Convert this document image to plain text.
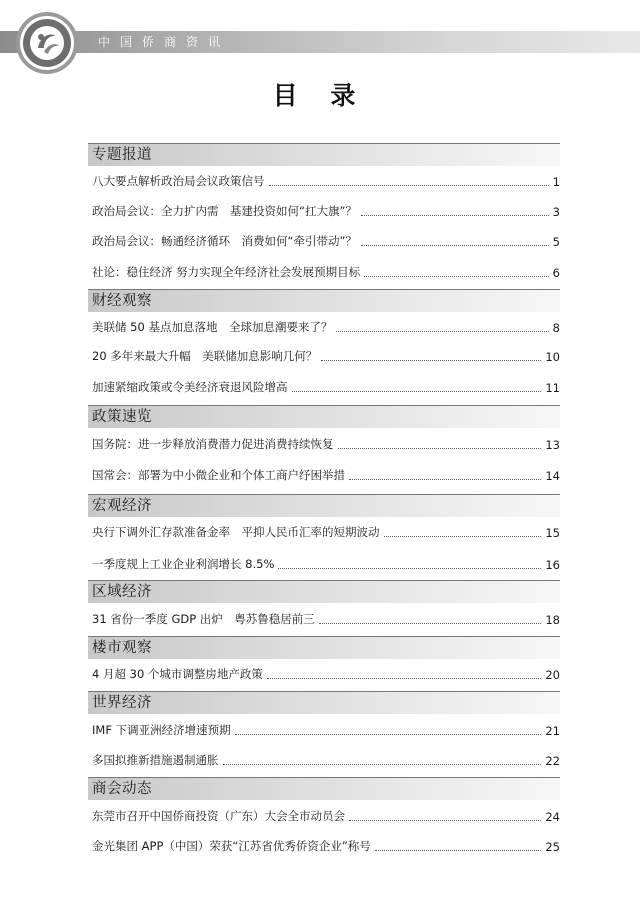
中国侨商资讯
目 录
专题报道
八大要点解析政治局会议政策信号	1
政治局会议：全力扩内需　基建投资如何“扛大旗”？	3
政治局会议：畅通经济循环　消费如何“牵引带动”？	5
社论：稳住经济 努力实现全年经济社会发展预期目标	6
财经观察
美联储 50 基点加息落地　全球加息潮要来了？	8
20 多年来最大升幅　美联储加息影响几何？	10
加速紧缩政策或令美经济衰退风险增高	11
政策速览
国务院：进一步释放消费潜力促进消费持续恢复	13
国常会：部署为中小微企业和个体工商户纾困举措	14
宏观经济
央行下调外汇存款准备金率　平抑人民币汇率的短期波动	15
一季度规上工业企业利润增长 8.5%	16
区域经济
31 省份一季度 GDP 出炉　粤苏鲁稳居前三	18
楼市观察
4 月超 30 个城市调整房地产政策	20
世界经济
IMF 下调亚洲经济增速预期	21
多国拟推新措施遏制通胀	22
商会动态
东莞市召开中国侨商投资（广东）大会全市动员会	24
金光集团 APP（中国）荣获“江苏省优秀侨资企业”称号	25
